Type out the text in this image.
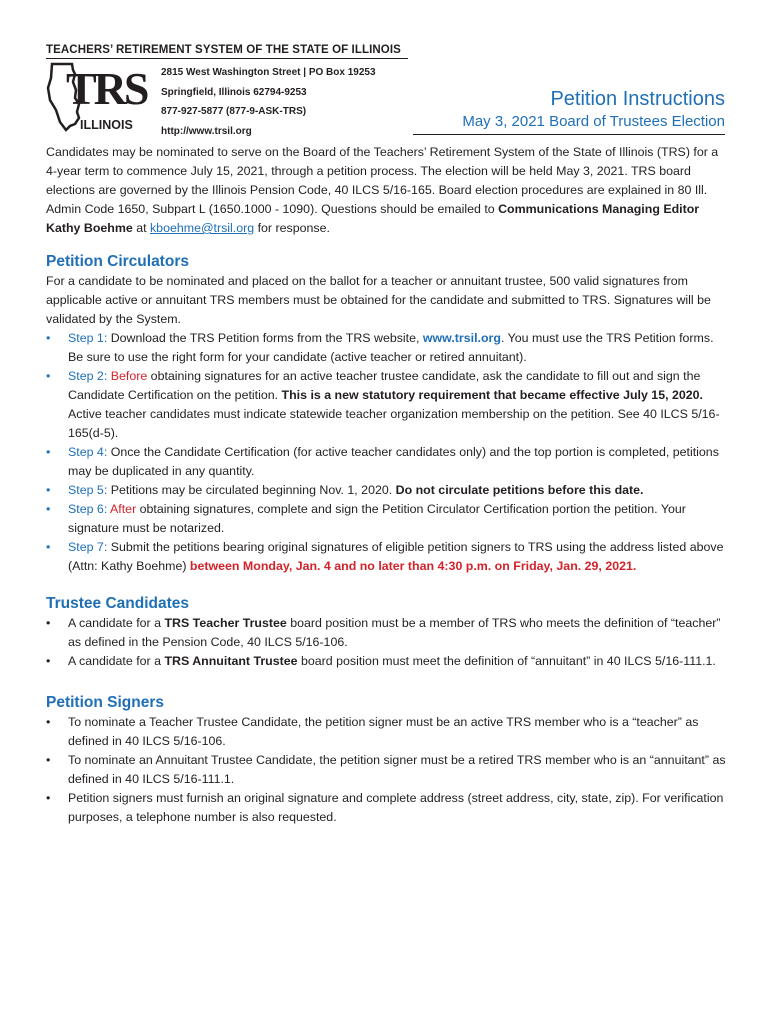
TEACHERS’ RETIREMENT SYSTEM OF THE STATE OF ILLINOIS
TRS
ILLINOIS
2815 West Washington Street | PO Box 19253
Springfield, Illinois 62794-9253
877-927-5877 (877-9-ASK-TRS)
http://www.trsil.org
Petition Instructions
May 3, 2021 Board of Trustees Election

Candidates may be nominated to serve on the Board of the Teachers’ Retirement System of the State of Illinois (TRS) for a 4-year term to commence July 15, 2021, through a petition process. The election will be held May 3, 2021. TRS board elections are governed by the Illinois Pension Code, 40 ILCS 5/16-165. Board election procedures are explained in 80 Ill. Admin Code 1650, Subpart L (1650.1000 - 1090). Questions should be emailed to Communications Managing Editor Kathy Boehme at kboehme@trsil.org for response.

Petition Circulators

For a candidate to be nominated and placed on the ballot for a teacher or annuitant trustee, 500 valid signatures from applicable active or annuitant TRS members must be obtained for the candidate and submitted to TRS. Signatures will be validated by the System.

• Step 1: Download the TRS Petition forms from the TRS website, www.trsil.org. You must use the TRS Petition forms. Be sure to use the right form for your candidate (active teacher or retired annuitant).
• Step 2: Before obtaining signatures for an active teacher trustee candidate, ask the candidate to fill out and sign the Candidate Certification on the petition. This is a new statutory requirement that became effective July 15, 2020. Active teacher candidates must indicate statewide teacher organization membership on the petition. See 40 ILCS 5/16-165(d-5).
• Step 4: Once the Candidate Certification (for active teacher candidates only) and the top portion is completed, petitions may be duplicated in any quantity.
• Step 5: Petitions may be circulated beginning Nov. 1, 2020. Do not circulate petitions before this date.
• Step 6: After obtaining signatures, complete and sign the Petition Circulator Certification portion the petition. Your signature must be notarized.
• Step 7: Submit the petitions bearing original signatures of eligible petition signers to TRS using the address listed above (Attn: Kathy Boehme) between Monday, Jan. 4 and no later than 4:30 p.m. on Friday, Jan. 29, 2021.
Trustee Candidates
• A candidate for a TRS Teacher Trustee board position must be a member of TRS who meets the definition of “teacher” as defined in the Pension Code, 40 ILCS 5/16-106.
• A candidate for a TRS Annuitant Trustee board position must meet the definition of “annuitant” in 40 ILCS 5/16-111.1.
Petition Signers
• To nominate a Teacher Trustee Candidate, the petition signer must be an active TRS member who is a “teacher” as defined in 40 ILCS 5/16-106.
• To nominate an Annuitant Trustee Candidate, the petition signer must be a retired TRS member who is an “annuitant” as defined in 40 ILCS 5/16-111.1.
• Petition signers must furnish an original signature and complete address (street address, city, state, zip). For verification purposes, a telephone number is also requested.
